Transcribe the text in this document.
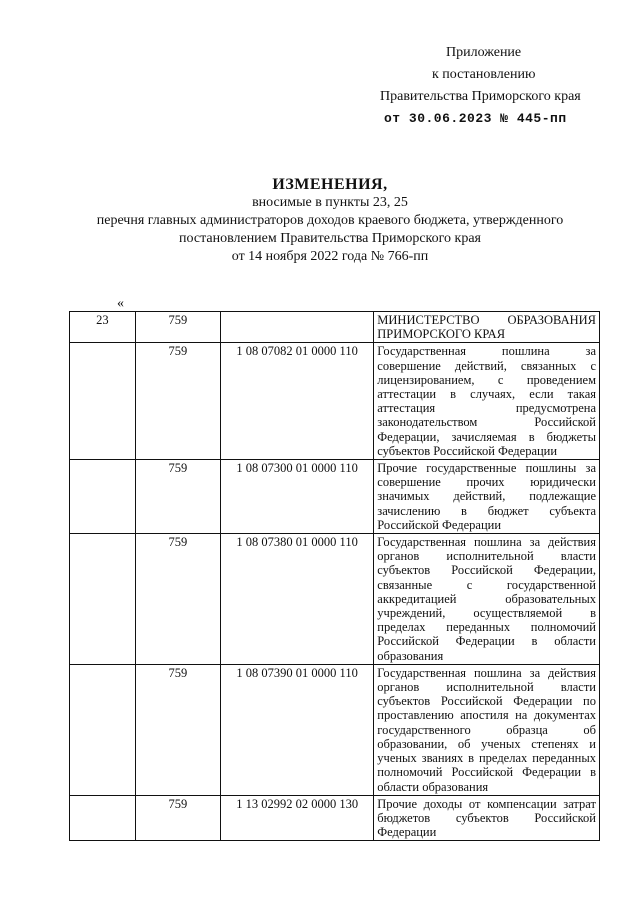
Приложение
к постановлению
Правительства Приморского края
от 30.06.2023 № 445-пп
ИЗМЕНЕНИЯ,
вносимые в пункты 23, 25
перечня главных администраторов доходов краевого бюджета, утвержденного
постановлением Правительства Приморского края
от 14 ноября 2022 года № 766-пп
«
23	759		МИНИСТЕРСТВО ОБРАЗОВАНИЯ ПРИМОРСКОГО КРАЯ
	759	1 08 07082 01 0000 110	Государственная пошлина за совершение действий, связанных с лицензированием, с проведением аттестации в случаях, если такая аттестация предусмотрена законодательством Российской Федерации, зачисляемая в бюджеты субъектов Российской Федерации
	759	1 08 07300 01 0000 110	Прочие государственные пошлины за совершение прочих юридически значимых действий, подлежащие зачислению в бюджет субъекта Российской Федерации
	759	1 08 07380 01 0000 110	Государственная пошлина за действия органов исполнительной власти субъектов Российской Федерации, связанные с государственной аккредитацией образовательных учреждений, осуществляемой в пределах переданных полномочий Российской Федерации в области образования
	759	1 08 07390 01 0000 110	Государственная пошлина за действия органов исполнительной власти субъектов Российской Федерации по проставлению апостиля на документах государственного образца об образовании, об ученых степенях и ученых званиях в пределах переданных полномочий Российской Федерации в области образования
	759	1 13 02992 02 0000 130	Прочие доходы от компенсации затрат бюджетов субъектов Российской Федерации
